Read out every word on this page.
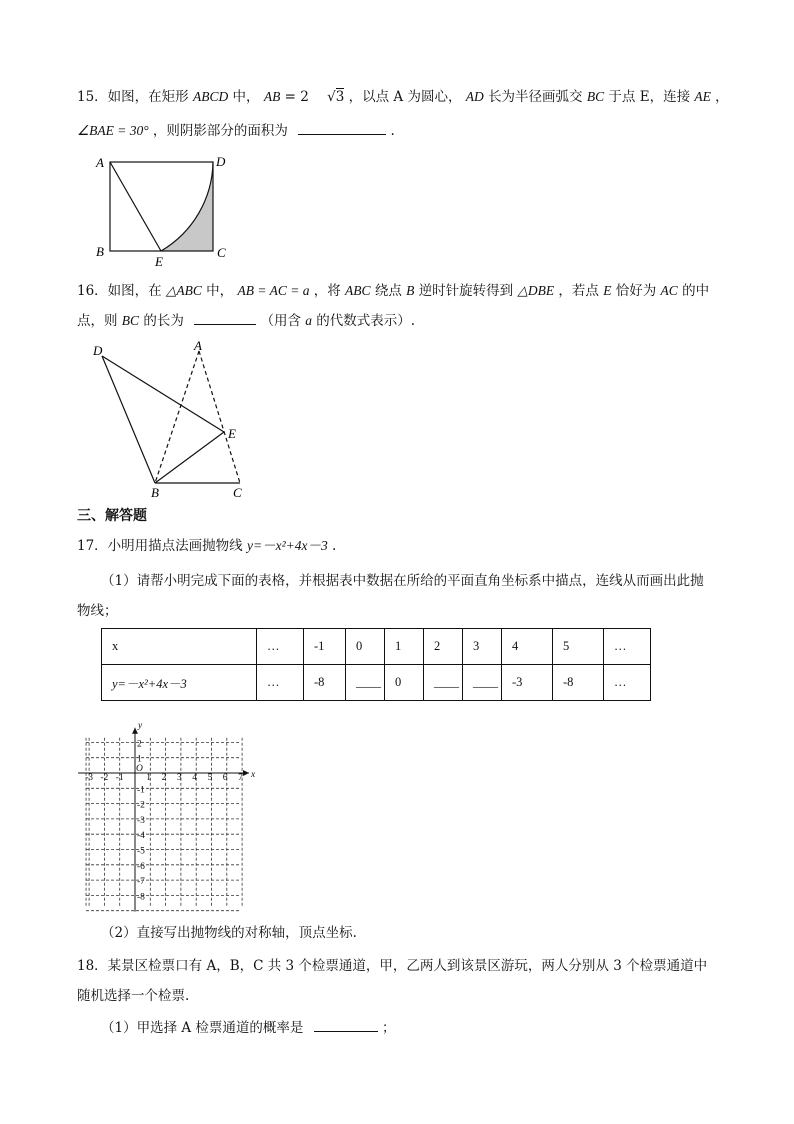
15．如图，在矩形 ABCD 中， AB = 2 √3 ，以点 A 为圆心， AD 长为半径画弧交 BC 于点 E，连接 AE ，
∠BAE = 30° ，则阴影部分的面积为	.
A	D
B	C
E
16．如图，在 △ABC 中， AB = AC = a ，将 ABC 绕点 B 逆时针旋转得到 △DBE ，若点 E 恰好为 AC 的中
点，则 BC 的长为	（用含 a 的代数式表示）.
D	A
E
B	C
三、解答题
17．小明用描点法画抛物线 y=－x²+4x－3 .
（1）请帮小明完成下面的表格，并根据表中数据在所给的平面直角坐标系中描点，连线从而画出此抛
物线；
x	…	-1	0	1	2	3	4	5	…
y=－x²+4x－3	…	-8	____	0	____	____	-3	-8	…
x
y
O
-3 -2 -1 1 2 3 4 5 6 7
2
1
-1
-2
-3
-4
-5
-6
-7
-8
（2）直接写出抛物线的对称轴，顶点坐标.
18．某景区检票口有 A，B，C 共 3 个检票通道，甲，乙两人到该景区游玩，两人分别从 3 个检票通道中
随机选择一个检票.
（1）甲选择 A 检票通道的概率是	；
